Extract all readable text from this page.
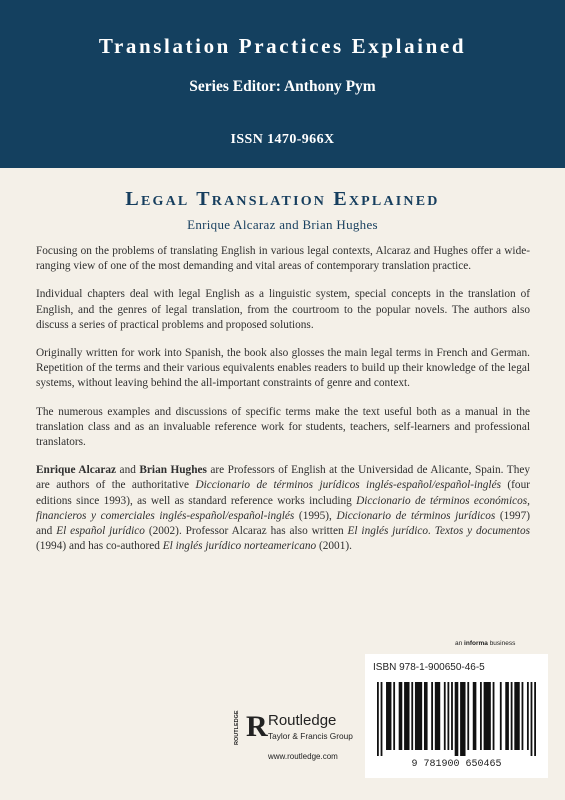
Translation Practices Explained
Series Editor: Anthony Pym
ISSN 1470-966X
Legal Translation Explained
Enrique Alcaraz and Brian Hughes

Focusing on the problems of translating English in various legal contexts, Alcaraz and Hughes offer a wide-ranging view of one of the most demanding and vital areas of contemporary translation practice.

Individual chapters deal with legal English as a linguistic system, special concepts in the translation of English, and the genres of legal translation, from the courtroom to the popular novels. The authors also discuss a series of practical problems and proposed solutions.

Originally written for work into Spanish, the book also glosses the main legal terms in French and German. Repetition of the terms and their various equivalents enables readers to build up their knowledge of the legal systems, without leaving behind the all-important constraints of genre and context.

The numerous examples and discussions of specific terms make the text useful both as a manual in the translation class and as an invaluable reference work for students, teachers, self-learners and professional translators.

Enrique Alcaraz and Brian Hughes are Professors of English at the Universidad de Alicante, Spain. They are authors of the authoritative Diccionario de términos jurídicos inglés-español/español-inglés (four editions since 1993), as well as standard reference works including Diccionario de términos económicos, financieros y comerciales inglés-español/español-inglés (1995), Diccionario de términos jurídicos (1997) and El español jurídico (2002). Professor Alcaraz has also written El inglés jurídico. Textos y documentos (1994) and has co-authored El inglés jurídico norteamericano (2001).

an informa business
ISBN 978-1-900650-46-5
9 781900 650465
ROUTLEDGE R Routledge
Taylor & Francis Group
www.routledge.com
